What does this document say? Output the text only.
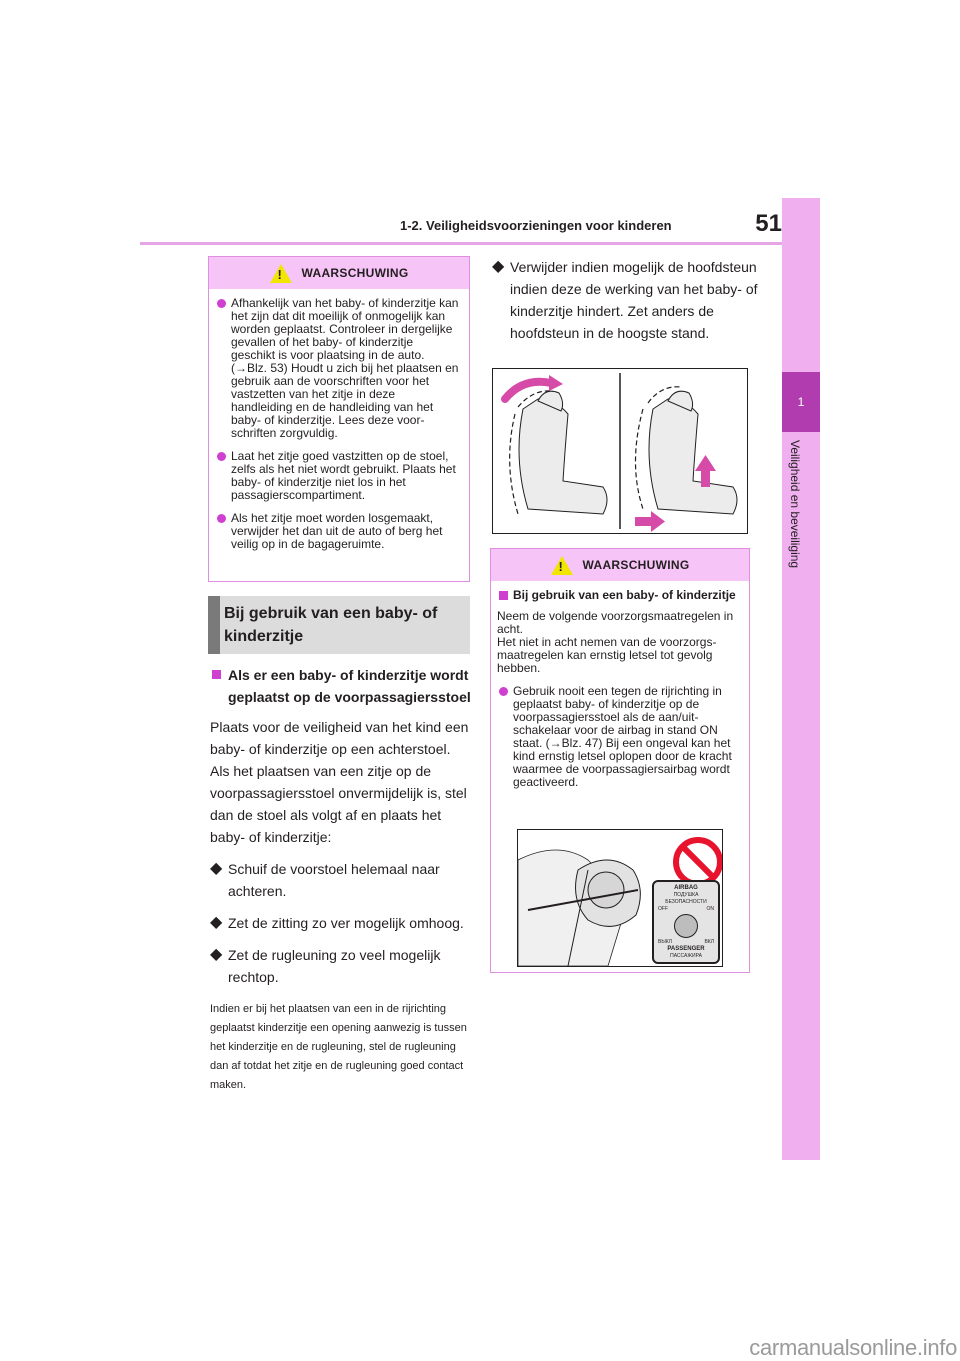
1-2. Veiligheidsvoorzieningen voor kinderen	51
1
Veiligheid en beveiliging
!
WAARSCHUWING
Afhankelijk van het baby- of kinderzitje kan het zijn dat dit moeilijk of onmogelijk kan worden geplaatst. Controleer in dergelijke gevallen of het baby- of kinderzitje geschikt is voor plaatsing in de auto. (→Blz. 53) Houdt u zich bij het plaatsen en gebruik aan de voorschriften voor het vastzetten van het zitje in deze handleiding en de handleiding van het baby- of kinderzitje. Lees deze voorschriften zorgvuldig.
Laat het zitje goed vastzitten op de stoel, zelfs als het niet wordt gebruikt. Plaats het baby- of kinderzitje niet los in het passagierscompartiment.
Als het zitje moet worden losgemaakt, verwijder het dan uit de auto of berg het veilig op in de bagageruimte.
Bij gebruik van een baby- of kinderzitje
Als er een baby- of kinderzitje wordt geplaatst op de voorpassagiersstoel
Plaats voor de veiligheid van het kind een baby- of kinderzitje op een achterstoel. Als het plaatsen van een zitje op de voorpassagiersstoel onvermijdelijk is, stel dan de stoel als volgt af en plaats het baby- of kinderzitje:
◆ Schuif de voorstoel helemaal naar achteren.
◆ Zet de zitting zo ver mogelijk omhoog.
◆ Zet de rugleuning zo veel mogelijk rechtop.
Indien er bij het plaatsen van een in de rijrichting geplaatst kinderzitje een opening aanwezig is tussen het kinderzitje en de rugleuning, stel de rugleuning dan af totdat het zitje en de rugleuning goed contact maken.
◆ Verwijder indien mogelijk de hoofdsteun indien deze de werking van het baby- of kinderzitje hindert. Zet anders de hoofdsteun in de hoogste stand.
!
WAARSCHUWING
Bij gebruik van een baby- of kinderzitje
Neem de volgende voorzorgsmaatregelen in acht.
Het niet in acht nemen van de voorzorgsmaatregelen kan ernstig letsel tot gevolg hebben.
Gebruik nooit een tegen de rijrichting in geplaatst baby- of kinderzitje op de voorpassagiersstoel als de aan/uitschakelaar voor de airbag in stand ON staat. (→Blz. 47) Bij een ongeval kan het kind ernstig letsel oplopen door de kracht waarmee de voorpassagiersairbag wordt geactiveerd.
AIRBAG
ПОДУШКА БЕЗОПАСНОСТИ
OFF	ON
ВЫКЛ	ВКЛ
PASSENGER
ПАССАЖИРА
carmanualsonline.info
